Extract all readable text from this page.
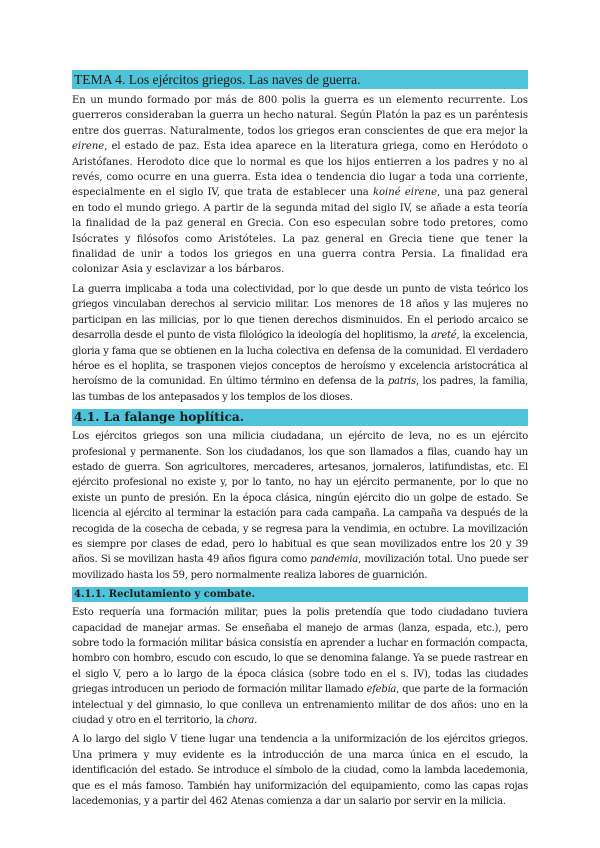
TEMA 4. Los ejércitos griegos. Las naves de guerra.

En un mundo formado por más de 800 polis la guerra es un elemento recurrente. Los guerreros consideraban la guerra un hecho natural. Según Platón la paz es un paréntesis entre dos guerras. Naturalmente, todos los griegos eran conscientes de que era mejor la eirene, el estado de paz. Esta idea aparece en la literatura griega, como en Heródoto o Aristófanes. Herodoto dice que lo normal es que los hijos entierren a los padres y no al revés, como ocurre en una guerra. Esta idea o tendencia dio lugar a toda una corriente, especialmente en el siglo IV, que trata de establecer una koiné eirene, una paz general en todo el mundo griego. A partir de la segunda mitad del siglo IV, se añade a esta teoría la finalidad de la paz general en Grecia. Con eso especulan sobre todo pretores, como Isócrates y filósofos como Aristóteles. La paz general en Grecia tiene que tener la finalidad de unir a todos los griegos en una guerra contra Persia. La finalidad era colonizar Asia y esclavizar a los bárbaros.

La guerra implicaba a toda una colectividad, por lo que desde un punto de vista teórico los griegos vinculaban derechos al servicio militar. Los menores de 18 años y las mujeres no participan en las milicias, por lo que tienen derechos disminuidos. En el periodo arcaico se desarrolla desde el punto de vista filológico la ideología del hoplitismo, la areté, la excelencia, gloria y fama que se obtienen en la lucha colectiva en defensa de la comunidad. El verdadero héroe es el hoplita, se trasponen viejos conceptos de heroísmo y excelencia aristocrática al heroísmo de la comunidad. En último término en defensa de la patris, los padres, la familia, las tumbas de los antepasados y los templos de los dioses.

4.1. La falange hoplítica.

Los ejércitos griegos son una milicia ciudadana, un ejército de leva, no es un ejército profesional y permanente. Son los ciudadanos, los que son llamados a filas, cuando hay un estado de guerra. Son agricultores, mercaderes, artesanos, jornaleros, latifundistas, etc. El ejército profesional no existe y, por lo tanto, no hay un ejército permanente, por lo que no existe un punto de presión. En la época clásica, ningún ejército dio un golpe de estado. Se licencia al ejército al terminar la estación para cada campaña. La campaña va después de la recogida de la cosecha de cebada, y se regresa para la vendimia, en octubre. La movilización es siempre por clases de edad, pero lo habitual es que sean movilizados entre los 20 y 39 años. Si se movilizan hasta 49 años figura como pandemia, movilización total. Uno puede ser movilizado hasta los 59, pero normalmente realiza labores de guarnición.

4.1.1. Reclutamiento y combate.

Esto requería una formación militar, pues la polis pretendía que todo ciudadano tuviera capacidad de manejar armas. Se enseñaba el manejo de armas (lanza, espada, etc.), pero sobre todo la formación militar básica consistía en aprender a luchar en formación compacta, hombro con hombro, escudo con escudo, lo que se denomina falange. Ya se puede rastrear en el siglo V, pero a lo largo de la época clásica (sobre todo en el s. IV), todas las ciudades griegas introducen un periodo de formación militar llamado efebía, que parte de la formación intelectual y del gimnasio, lo que conlleva un entrenamiento militar de dos años: uno en la ciudad y otro en el territorio, la chora.

A lo largo del siglo V tiene lugar una tendencia a la uniformización de los ejércitos griegos. Una primera y muy evidente es la introducción de una marca única en el escudo, la identificación del estado. Se introduce el símbolo de la ciudad, como la lambda lacedemonia, que es el más famoso. También hay uniformización del equipamiento, como las capas rojas lacedemonias, y a partir del 462 Atenas comienza a dar un salario por servir en la milicia.
